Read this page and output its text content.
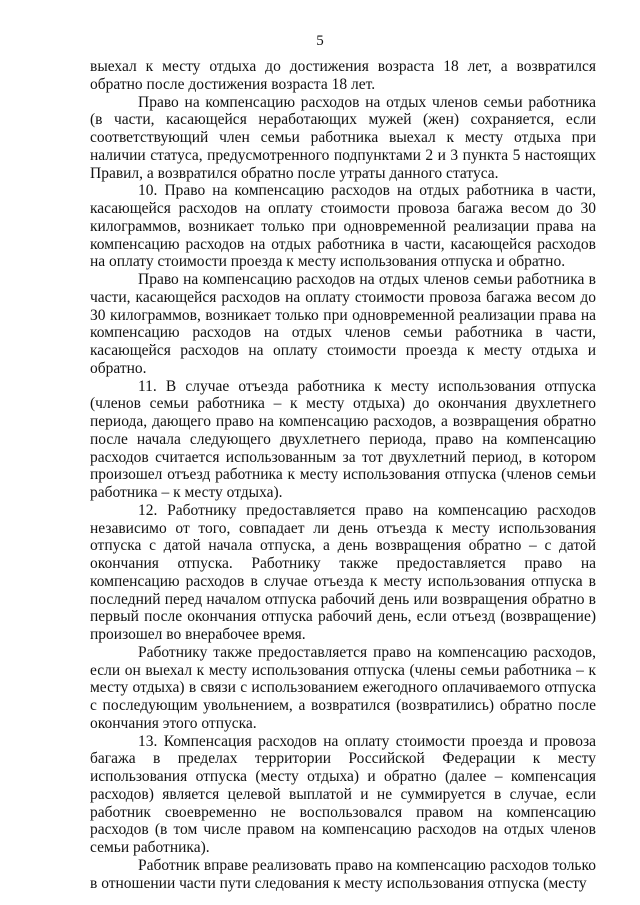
5

выехал к месту отдыха до достижения возраста 18 лет, а возвратился обратно после достижения возраста 18 лет.

Право на компенсацию расходов на отдых членов семьи работника (в части, касающейся неработающих мужей (жен) сохраняется, если соответствующий член семьи работника выехал к месту отдыха при наличии статуса, предусмотренного подпунктами 2 и 3 пункта 5 настоящих Правил, а возвратился обратно после утраты данного статуса.

10. Право на компенсацию расходов на отдых работника в части, касающейся расходов на оплату стоимости провоза багажа весом до 30 килограммов, возникает только при одновременной реализации права на компенсацию расходов на отдых работника в части, касающейся расходов на оплату стоимости проезда к месту использования отпуска и обратно.

Право на компенсацию расходов на отдых членов семьи работника в части, касающейся расходов на оплату стоимости провоза багажа весом до 30 килограммов, возникает только при одновременной реализации права на компенсацию расходов на отдых членов семьи работника в части, касающейся расходов на оплату стоимости проезда к месту отдыха и обратно.

11. В случае отъезда работника к месту использования отпуска (членов семьи работника – к месту отдыха) до окончания двухлетнего периода, дающего право на компенсацию расходов, а возвращения обратно после начала следующего двухлетнего периода, право на компенсацию расходов считается использованным за тот двухлетний период, в котором произошел отъезд работника к месту использования отпуска (членов семьи работника – к месту отдыха).

12. Работнику предоставляется право на компенсацию расходов независимо от того, совпадает ли день отъезда к месту использования отпуска с датой начала отпуска, а день возвращения обратно – с датой окончания отпуска. Работнику также предоставляется право на компенсацию расходов в случае отъезда к месту использования отпуска в последний перед началом отпуска рабочий день или возвращения обратно в первый после окончания отпуска рабочий день, если отъезд (возвращение) произошел во внерабочее время.

Работнику также предоставляется право на компенсацию расходов, если он выехал к месту использования отпуска (члены семьи работника – к месту отдыха) в связи с использованием ежегодного оплачиваемого отпуска с последующим увольнением, а возвратился (возвратились) обратно после окончания этого отпуска.

13. Компенсация расходов на оплату стоимости проезда и провоза багажа в пределах территории Российской Федерации к месту использования отпуска (месту отдыха) и обратно (далее – компенсация расходов) является целевой выплатой и не суммируется в случае, если работник своевременно не воспользовался правом на компенсацию расходов (в том числе правом на компенсацию расходов на отдых членов семьи работника).

Работник вправе реализовать право на компенсацию расходов только в отношении части пути следования к месту использования отпуска (месту
